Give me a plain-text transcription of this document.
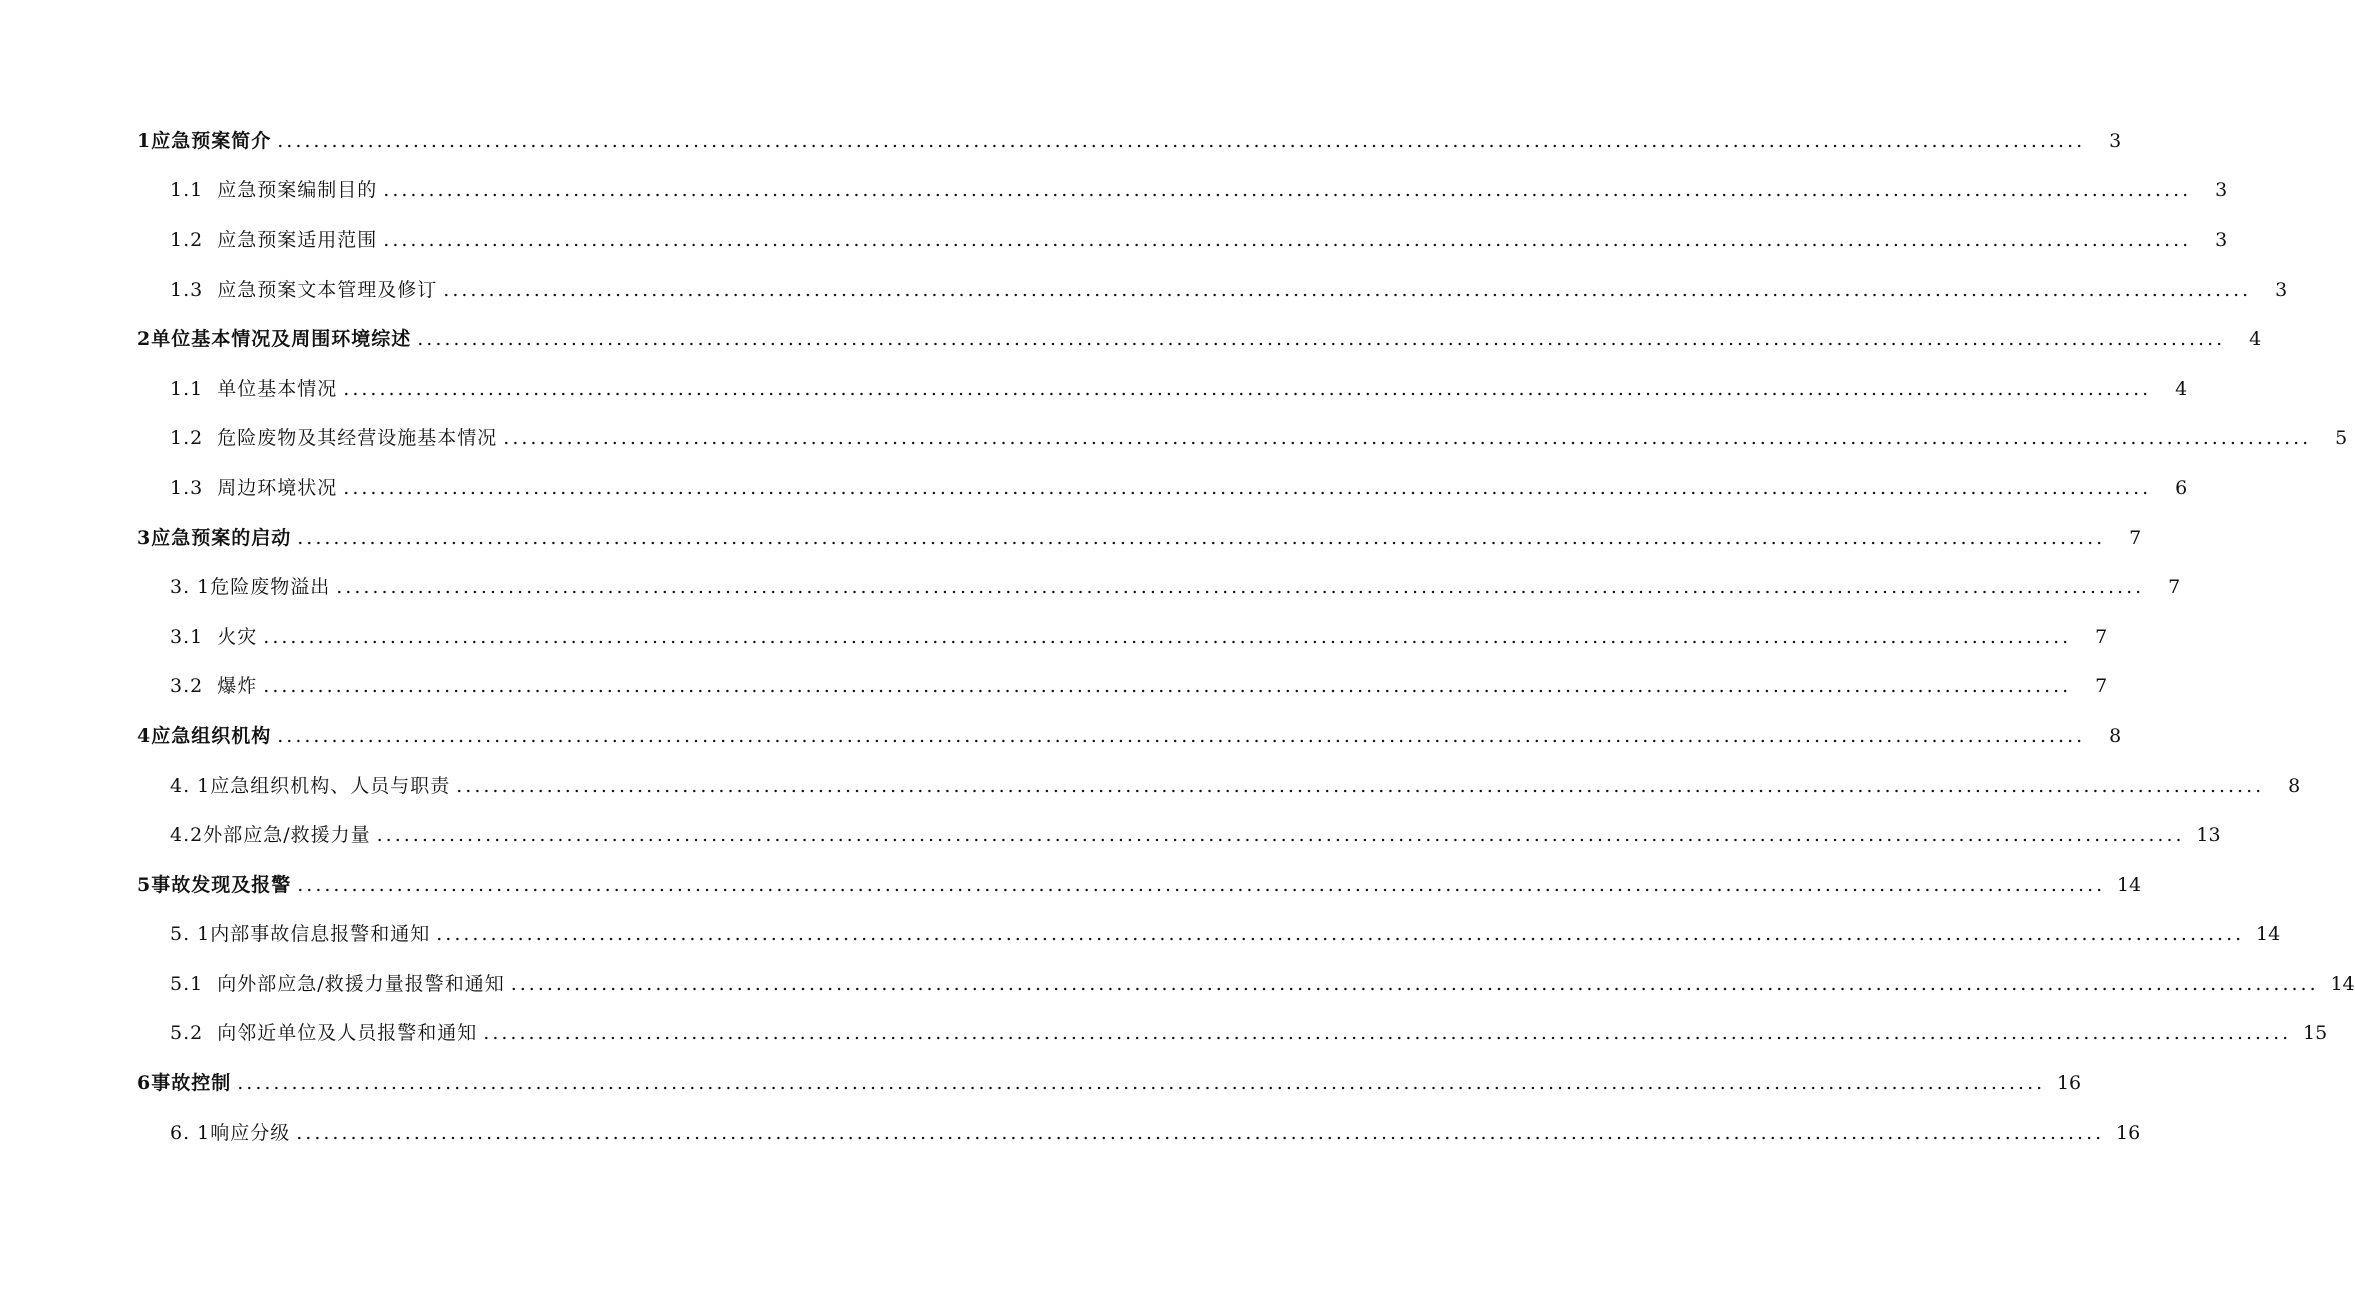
1应急预案简介 ........................................................................................................................................................................................................	3
1.1  应急预案编制目的 ........................................................................................................................................................................................................	3
1.2  应急预案适用范围 ........................................................................................................................................................................................................	3
1.3  应急预案文本管理及修订 ........................................................................................................................................................................................................	3
2单位基本情况及周围环境综述 ........................................................................................................................................................................................................	4
1.1  单位基本情况 ........................................................................................................................................................................................................	4
1.2  危险废物及其经营设施基本情况 ........................................................................................................................................................................................................	5
1.3  周边环境状况 ........................................................................................................................................................................................................	6
3应急预案的启动 ........................................................................................................................................................................................................	7
3. 1危险废物溢出 ........................................................................................................................................................................................................	7
3.1  火灾 ........................................................................................................................................................................................................	7
3.2  爆炸 ........................................................................................................................................................................................................	7
4应急组织机构 ........................................................................................................................................................................................................	8
4. 1应急组织机构、人员与职责 ........................................................................................................................................................................................................	8
4.2外部应急/救援力量 ........................................................................................................................................................................................................ 13
5事故发现及报警 ........................................................................................................................................................................................................ 14
5. 1内部事故信息报警和通知 ........................................................................................................................................................................................................ 14
5.1  向外部应急/救援力量报警和通知 ........................................................................................................................................................................................................ 14
5.2  向邻近单位及人员报警和通知 ........................................................................................................................................................................................................ 15
6事故控制 ........................................................................................................................................................................................................ 16
6. 1响应分级 ........................................................................................................................................................................................................ 16
